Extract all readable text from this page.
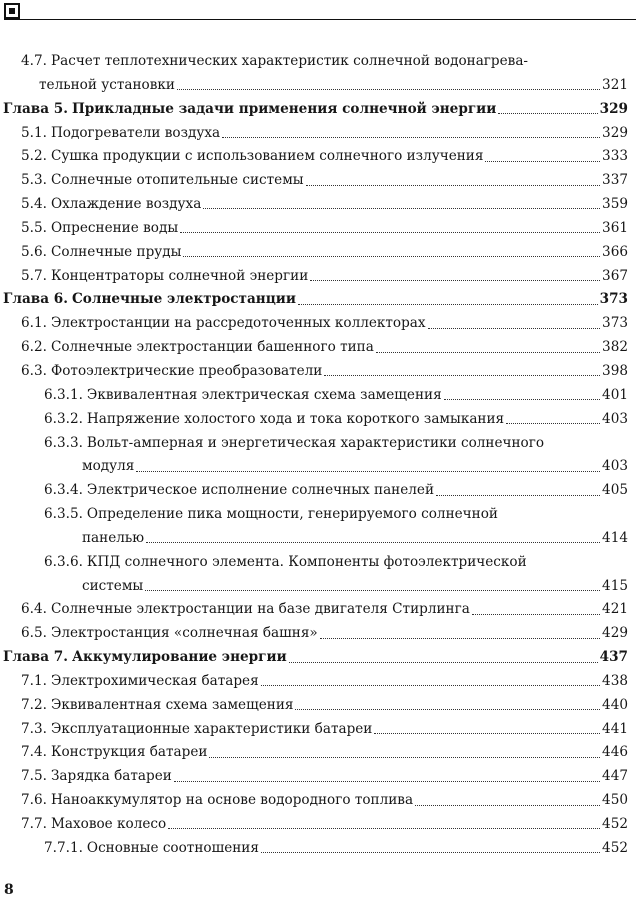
4.7. Расчет теплотехнических характеристик солнечной водонагрева-
тельной установки	321
Глава 5. Прикладные задачи применения солнечной энергии	329
5.1. Подогреватели воздуха	329
5.2. Сушка продукции с использованием солнечного излучения	333
5.3. Солнечные отопительные системы	337
5.4. Охлаждение воздуха	359
5.5. Опреснение воды	361
5.6. Солнечные пруды	366
5.7. Концентраторы солнечной энергии	367
Глава 6. Солнечные электростанции	373
6.1. Электростанции на рассредоточенных коллекторах	373
6.2. Солнечные электростанции башенного типа	382
6.3. Фотоэлектрические преобразователи	398
6.3.1. Эквивалентная электрическая схема замещения	401
6.3.2. Напряжение холостого хода и тока короткого замыкания	403
6.3.3. Вольт-амперная и энергетическая характеристики солнечного
модуля	403
6.3.4. Электрическое исполнение солнечных панелей	405
6.3.5. Определение пика мощности, генерируемого солнечной
панелью	414
6.3.6. КПД солнечного элемента. Компоненты фотоэлектрической
системы	415
6.4. Солнечные электростанции на базе двигателя Стирлинга	421
6.5. Электростанция «солнечная башня»	429
Глава 7. Аккумулирование энергии	437
7.1. Электрохимическая батарея	438
7.2. Эквивалентная схема замещения	440
7.3. Эксплуатационные характеристики батареи	441
7.4. Конструкция батареи	446
7.5. Зарядка батареи	447
7.6. Наноаккумулятор на основе водородного топлива	450
7.7. Маховое колесо	452
7.7.1. Основные соотношения	452
8
